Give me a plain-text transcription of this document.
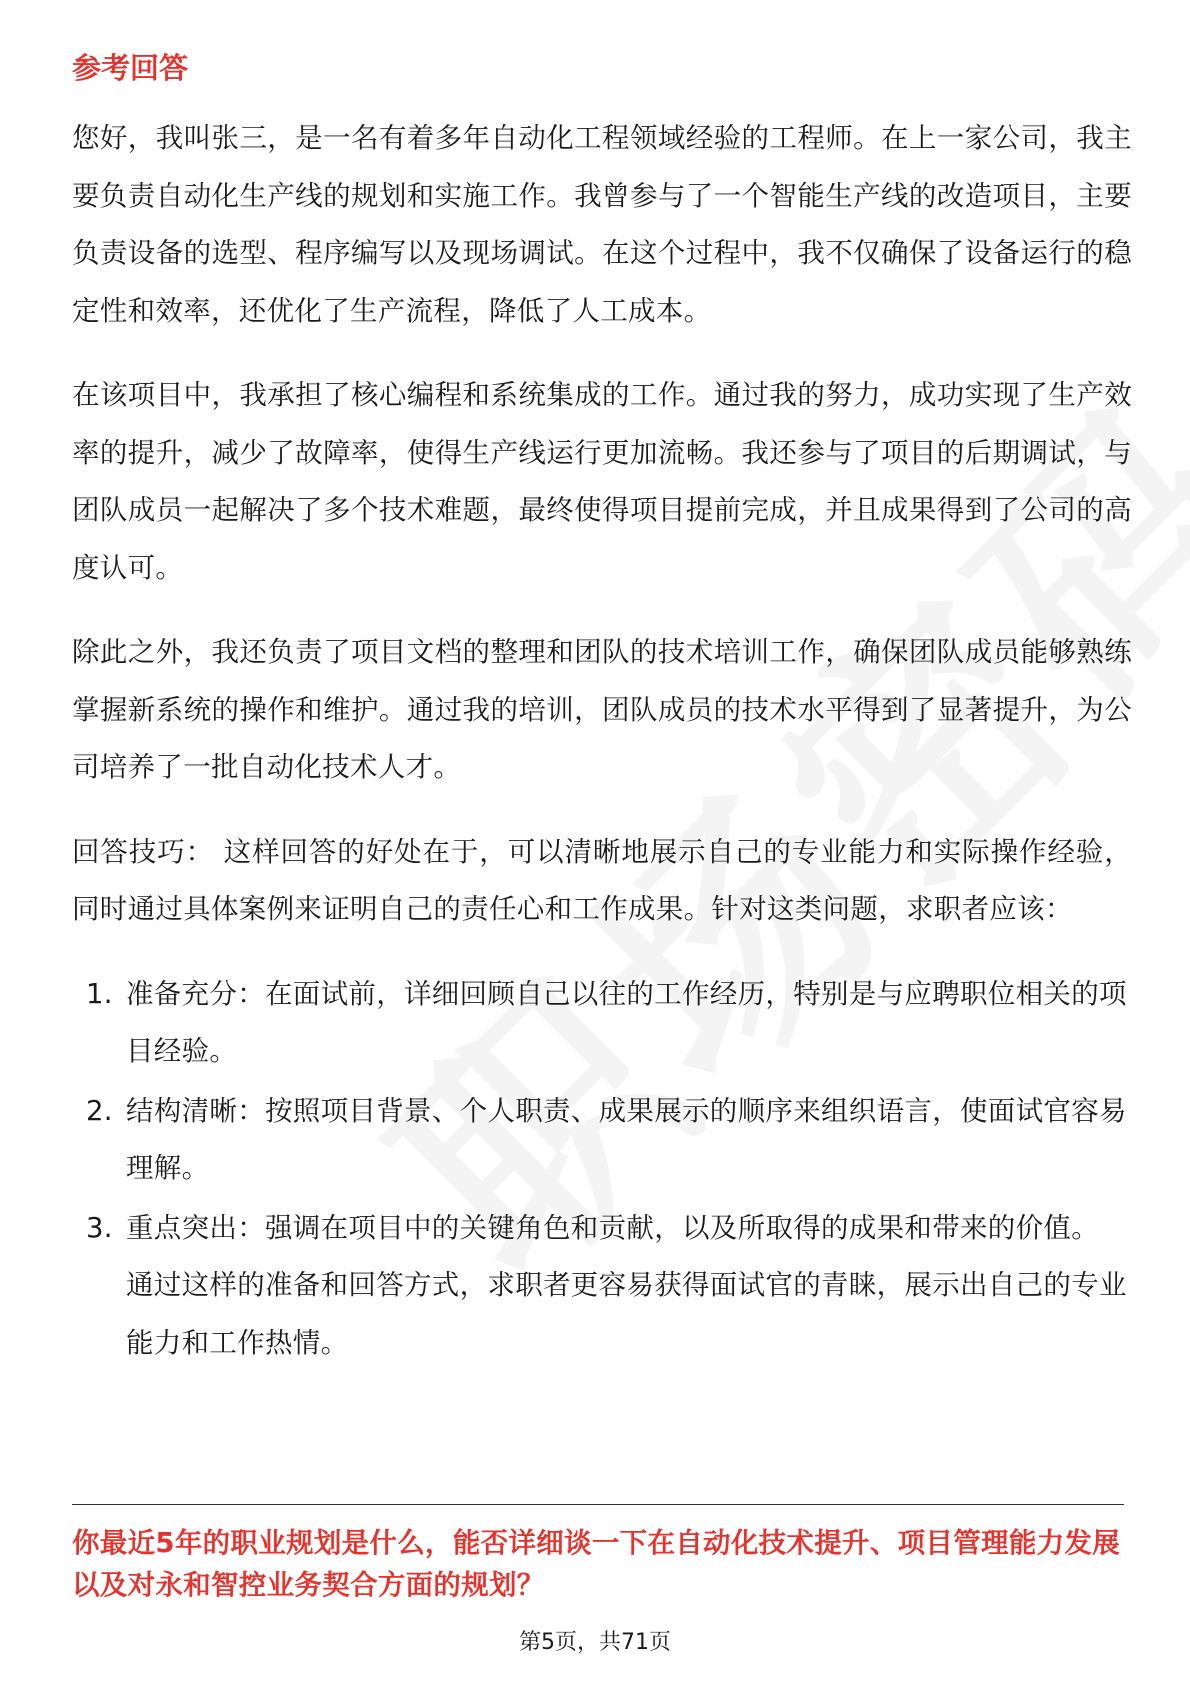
参考回答

您好，我叫张三，是一名有着多年自动化工程领域经验的工程师。在上一家公司，我主要负责自动化生产线的规划和实施工作。我曾参与了一个智能生产线的改造项目，主要负责设备的选型、程序编写以及现场调试。在这个过程中，我不仅确保了设备运行的稳定性和效率，还优化了生产流程，降低了人工成本。

在该项目中，我承担了核心编程和系统集成的工作。通过我的努力，成功实现了生产效率的提升，减少了故障率，使得生产线运行更加流畅。我还参与了项目的后期调试，与团队成员一起解决了多个技术难题，最终使得项目提前完成，并且成果得到了公司的高度认可。

除此之外，我还负责了项目文档的整理和团队的技术培训工作，确保团队成员能够熟练掌握新系统的操作和维护。通过我的培训，团队成员的技术水平得到了显著提升，为公司培养了一批自动化技术人才。

回答技巧： 这样回答的好处在于，可以清晰地展示自己的专业能力和实际操作经验，同时通过具体案例来证明自己的责任心和工作成果。针对这类问题，求职者应该：

1. 准备充分：在面试前，详细回顾自己以往的工作经历，特别是与应聘职位相关的项目经验。
2. 结构清晰：按照项目背景、个人职责、成果展示的顺序来组织语言，使面试官容易理解。
3. 重点突出：强调在项目中的关键角色和贡献，以及所取得的成果和带来的价值。 通过这样的准备和回答方式，求职者更容易获得面试官的青睐，展示出自己的专业能力和工作热情。
你最近5年的职业规划是什么，能否详细谈一下在自动化技术提升、项目管理能力发展以及对永和智控业务契合方面的规划？
第5页，共71页
